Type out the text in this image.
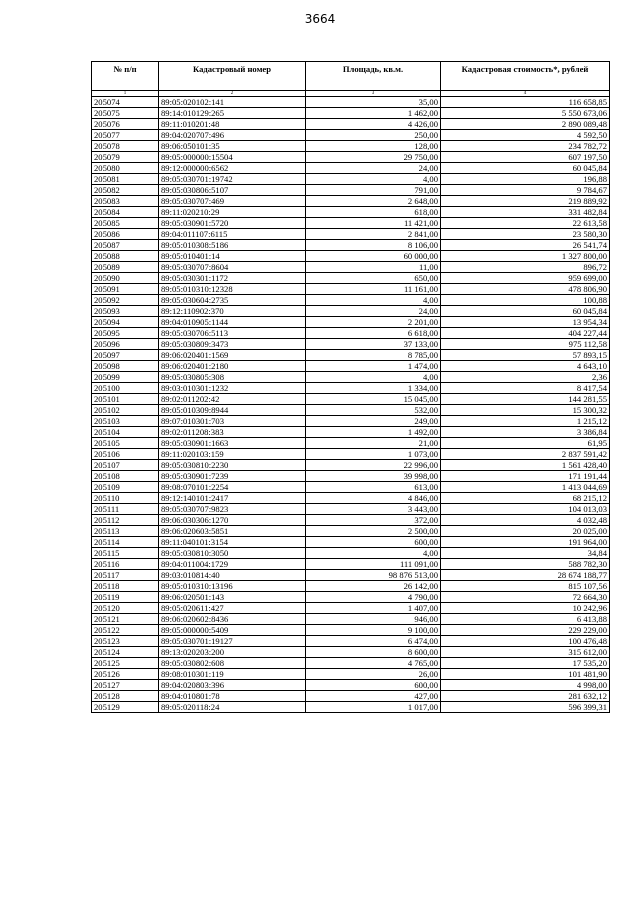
3664
№ п/п	Кадастровый номер	Площадь, кв.м.	Кадастровая стоимость*, рублей
1	2	3	4
205074	89:05:020102:141	35,00	116 658,85
205075	89:14:010129:265	1 462,00	5 550 673,06
205076	89:11:010201:48	4 426,00	2 890 089,48
205077	89:04:020707:496	250,00	4 592,50
205078	89:06:050101:35	128,00	234 782,72
205079	89:05:000000:15504	29 750,00	607 197,50
205080	89:12:000000:6562	24,00	60 045,84
205081	89:05:030701:19742	4,00	196,88
205082	89:05:030806:5107	791,00	9 784,67
205083	89:05:030707:469	2 648,00	219 889,92
205084	89:11:020210:29	618,00	331 482,84
205085	89:05:030901:5720	11 421,00	22 613,58
205086	89:04:011107:6115	2 841,00	23 580,30
205087	89:05:010308:5186	8 106,00	26 541,74
205088	89:05:010401:14	60 000,00	1 327 800,00
205089	89:05:030707:8604	11,00	896,72
205090	89:05:030301:1172	650,00	959 699,00
205091	89:05:010310:12328	11 161,00	478 806,90
205092	89:05:030604:2735	4,00	100,88
205093	89:12:110902:370	24,00	60 045,84
205094	89:04:010905:1144	2 201,00	13 954,34
205095	89:05:030706:5113	6 618,00	404 227,44
205096	89:05:030809:3473	37 133,00	975 112,58
205097	89:06:020401:1569	8 785,00	57 893,15
205098	89:06:020401:2180	1 474,00	4 643,10
205099	89:05:030805:308	4,00	2,36
205100	89:03:010301:1232	1 334,00	8 417,54
205101	89:02:011202:42	15 045,00	144 281,55
205102	89:05:010309:8944	532,00	15 300,32
205103	89:07:010301:703	249,00	1 215,12
205104	89:02:011208:383	1 492,00	3 386,84
205105	89:05:030901:1663	21,00	61,95
205106	89:11:020103:159	1 073,00	2 837 591,42
205107	89:05:030810:2230	22 996,00	1 561 428,40
205108	89:05:030901:7239	39 998,00	171 191,44
205109	89:08:070101:2254	613,00	1 413 044,69
205110	89:12:140101:2417	4 846,00	68 215,12
205111	89:05:030707:9823	3 443,00	104 013,03
205112	89:06:030306:1270	372,00	4 032,48
205113	89:06:020603:5851	2 500,00	20 025,00
205114	89:11:040101:3154	600,00	191 964,00
205115	89:05:030810:3050	4,00	34,84
205116	89:04:011004:1729	111 091,00	588 782,30
205117	89:03:010814:40	98 876 513,00	28 674 188,77
205118	89:05:010310:13196	26 142,00	815 107,56
205119	89:06:020501:143	4 790,00	72 664,30
205120	89:05:020611:427	1 407,00	10 242,96
205121	89:06:020602:8436	946,00	6 413,88
205122	89:05:000000:5409	9 100,00	229 229,00
205123	89:05:030701:19127	6 474,00	100 476,48
205124	89:13:020203:200	8 600,00	315 612,00
205125	89:05:030802:608	4 765,00	17 535,20
205126	89:08:010301:119	26,00	101 481,90
205127	89:04:020803:396	600,00	4 998,00
205128	89:04:010801:78	427,00	281 632,12
205129	89:05:020118:24	1 017,00	596 399,31
